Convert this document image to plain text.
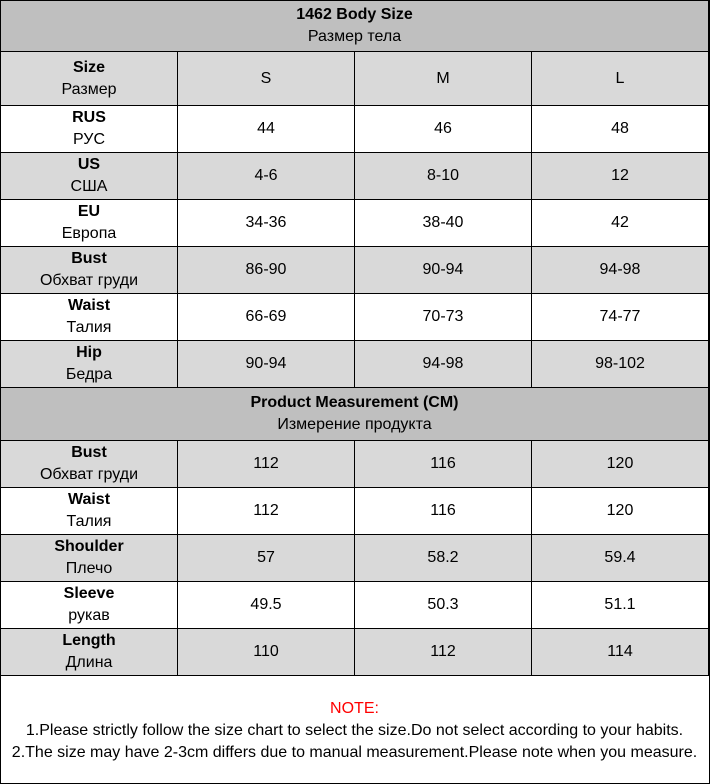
1462 Body Size
Размер тела			

Size
Размер	S	M	L

RUS
РУС	44	46	48

US
США	4-6	8-10	12

EU
Европа	34-36	38-40	42

Bust
Обхват груди	86-90	90-94	94-98

Waist
Талия	66-69	70-73	74-77

Hip
Бедра	90-94	94-98	98-102

Product Measurement (CM)
Измерение продукта			

Bust
Обхват груди	112	116	120

Waist
Талия	112	116	120

Shoulder
Плечо	57	58.2	59.4

Sleeve
рукав	49.5	50.3	51.1

Length
Длина	110	112	114
NOTE:
1.Please strictly follow the size chart to select the size.Do not select according to your habits.
2.The size may have 2-3cm differs due to manual measurement.Please note when you measure.
